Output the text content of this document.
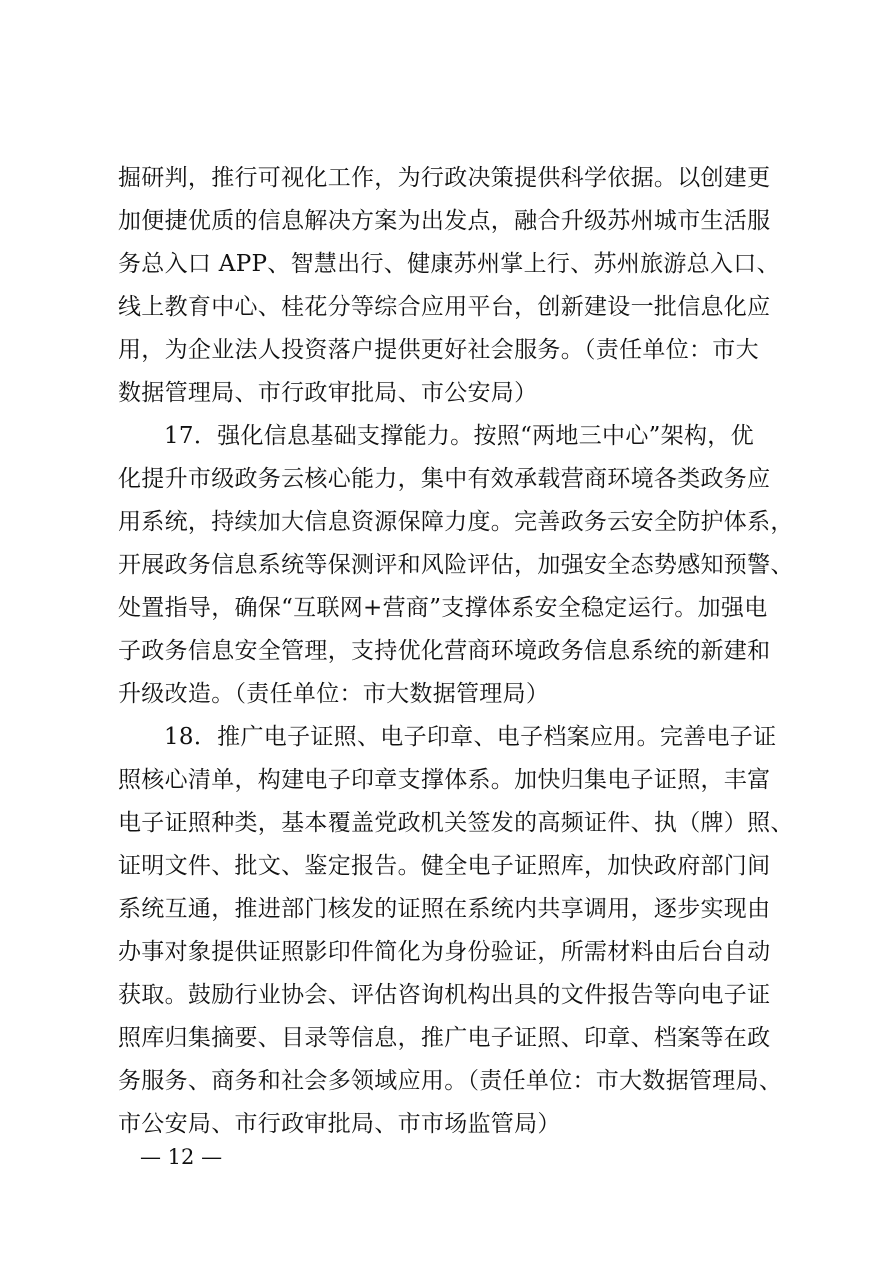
掘研判，推行可视化工作，为行政决策提供科学依据。以创建更
加便捷优质的信息解决方案为出发点，融合升级苏州城市生活服
务总入口 APP、智慧出行、健康苏州掌上行、苏州旅游总入口、
线上教育中心、桂花分等综合应用平台，创新建设一批信息化应
用，为企业法人投资落户提供更好社会服务。（责任单位：市大
数据管理局、市行政审批局、市公安局）
17．强化信息基础支撑能力。按照“两地三中心”架构，优
化提升市级政务云核心能力，集中有效承载营商环境各类政务应
用系统，持续加大信息资源保障力度。完善政务云安全防护体系，
开展政务信息系统等保测评和风险评估，加强安全态势感知预警、
处置指导，确保“互联网+营商”支撑体系安全稳定运行。加强电
子政务信息安全管理，支持优化营商环境政务信息系统的新建和
升级改造。（责任单位：市大数据管理局）
18．推广电子证照、电子印章、电子档案应用。完善电子证
照核心清单，构建电子印章支撑体系。加快归集电子证照，丰富
电子证照种类，基本覆盖党政机关签发的高频证件、执（牌）照、
证明文件、批文、鉴定报告。健全电子证照库，加快政府部门间
系统互通，推进部门核发的证照在系统内共享调用，逐步实现由
办事对象提供证照影印件简化为身份验证，所需材料由后台自动
获取。鼓励行业协会、评估咨询机构出具的文件报告等向电子证
照库归集摘要、目录等信息，推广电子证照、印章、档案等在政
务服务、商务和社会多领域应用。（责任单位：市大数据管理局、
市公安局、市行政审批局、市市场监管局）
— 12 —
